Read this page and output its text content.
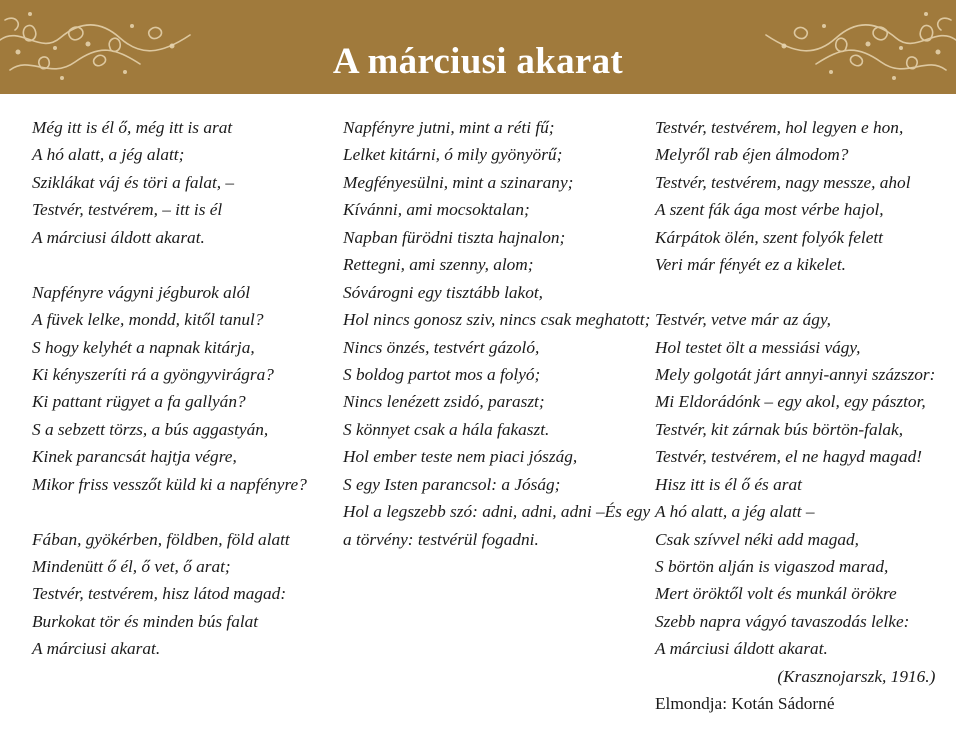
A márciusi akarat
Még itt is él ő, még itt is arat
A hó alatt, a jég alatt;
Sziklákat váj és töri a falat, –
Testvér, testvérem, – itt is él
A márciusi áldott akarat.
Napfényre vágyni jégburok alól
A füvek lelke, mondd, kitől tanul?
S hogy kelyhét a napnak kitárja,
Ki kényszeríti rá a gyöngyvirágra?
Ki pattant rügyet a fa gallyán?
S a sebzett törzs, a bús aggastyán,
Kinek parancsát hajtja végre,
Mikor friss vesszőt küld ki a napfényre?
Fában, gyökérben, földben, föld alatt
Mindenütt ő él, ő vet, ő arat;
Testvér, testvérem, hisz látod magad:
Burkokat tör és minden bús falat
A márciusi akarat.
Napfényre jutni, mint a réti fű;
Lelket kitárni, ó mily gyönyörű;
Megfényesülni, mint a szinarany;
Kívánni, ami mocsoktalan;
Napban fürödni tiszta hajnalon;
Rettegni, ami szenny, alom;
Sóvárogni egy tisztább lakot,
Hol nincs gonosz sziv, nincs csak meghatott;
Nincs önzés, testvért gázoló,
S boldog partot mos a folyó;
Nincs lenézett zsidó, paraszt;
S könnyet csak a hála fakaszt.
Hol ember teste nem piaci jószág,
S egy Isten parancsol: a Jóság;
Hol a legszebb szó: adni, adni, adni –És egy
a törvény: testvérül fogadni.
Testvér, testvérem, hol legyen e hon,
Melyről rab éjen álmodom?
Testvér, testvérem, nagy messze, ahol
A szent fák ága most vérbe hajol,
Kárpátok ölén, szent folyók felett
Veri már fényét ez a kikelet.
Testvér, vetve már az ágy,
Hol testet ölt a messiási vágy,
Mely golgotát járt annyi-annyi százszor:
Mi Eldorádónk – egy akol, egy pásztor,
Testvér, kit zárnak bús börtön-falak,
Testvér, testvérem, el ne hagyd magad!
Hisz itt is él ő és arat
A hó alatt, a jég alatt –
Csak szívvel néki add magad,
S börtön alján is vigaszod marad,
Mert öröktől volt és munkál örökre
Szebb napra vágyó tavaszodás lelke:
A márciusi áldott akarat.
(Krasznojarszk, 1916.)
Elmondja: Kotán Sádorné
